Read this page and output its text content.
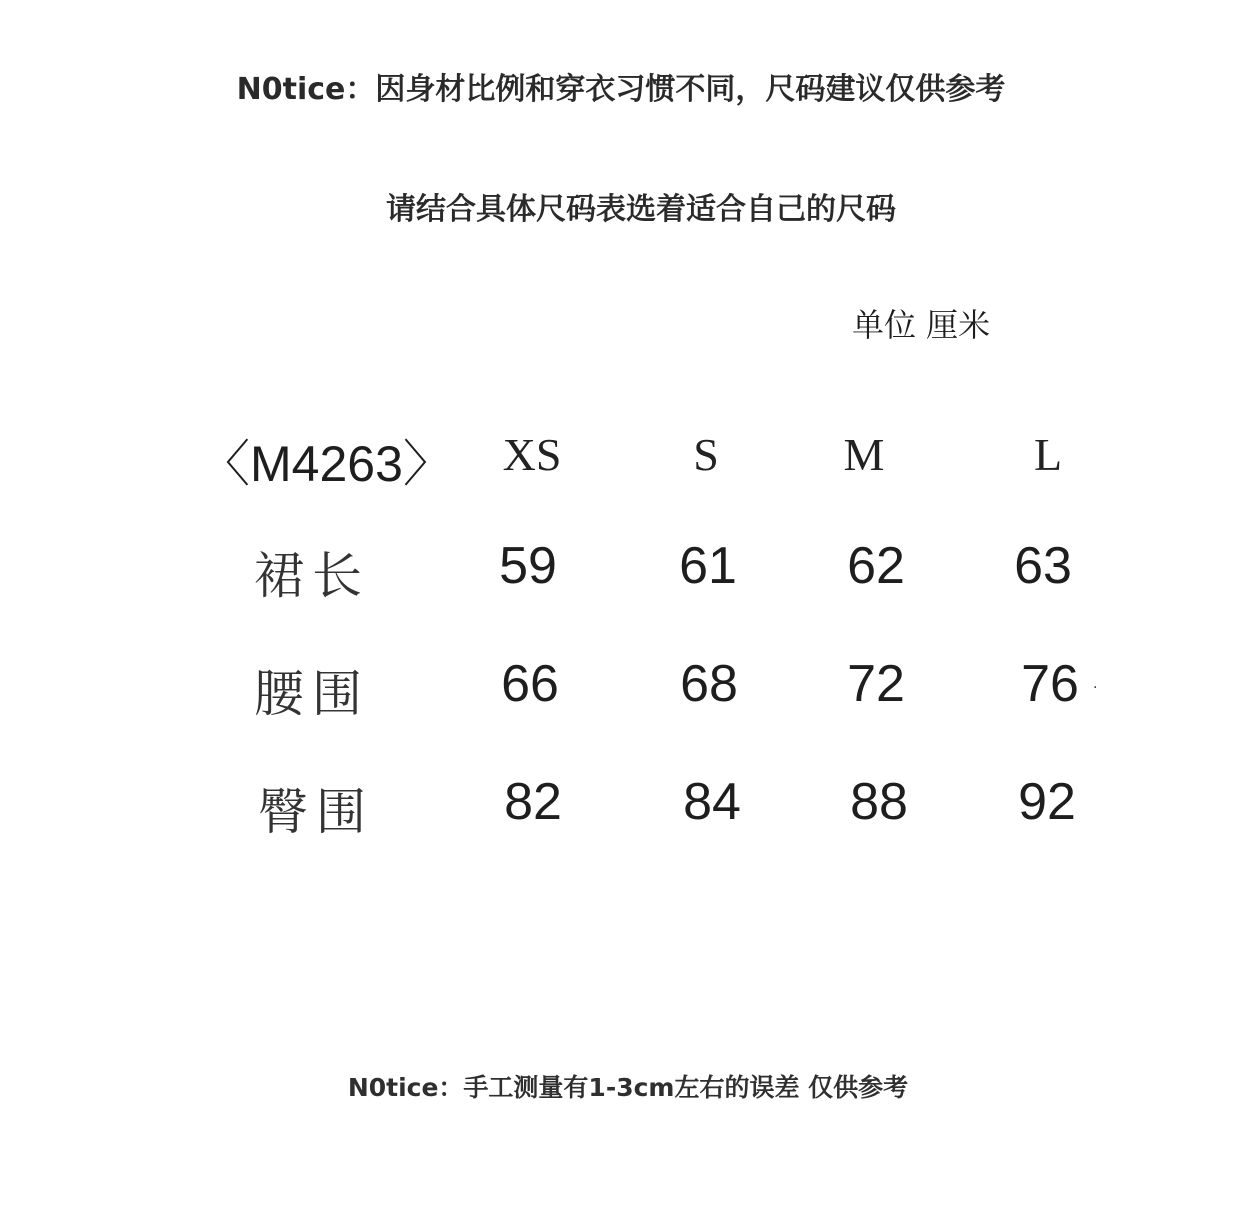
N0tice：因身材比例和穿衣习惯不同，尺码建议仅供参考
请结合具体尺码表选着适合自己的尺码
单位 厘米
〈M4263〉	XS	S	M	L
裙长	59	61	62	63
腰围	66	68	72	76	·
臀围	82	84	88	92
N0tice：手工测量有1-3cm左右的误差 仅供参考
